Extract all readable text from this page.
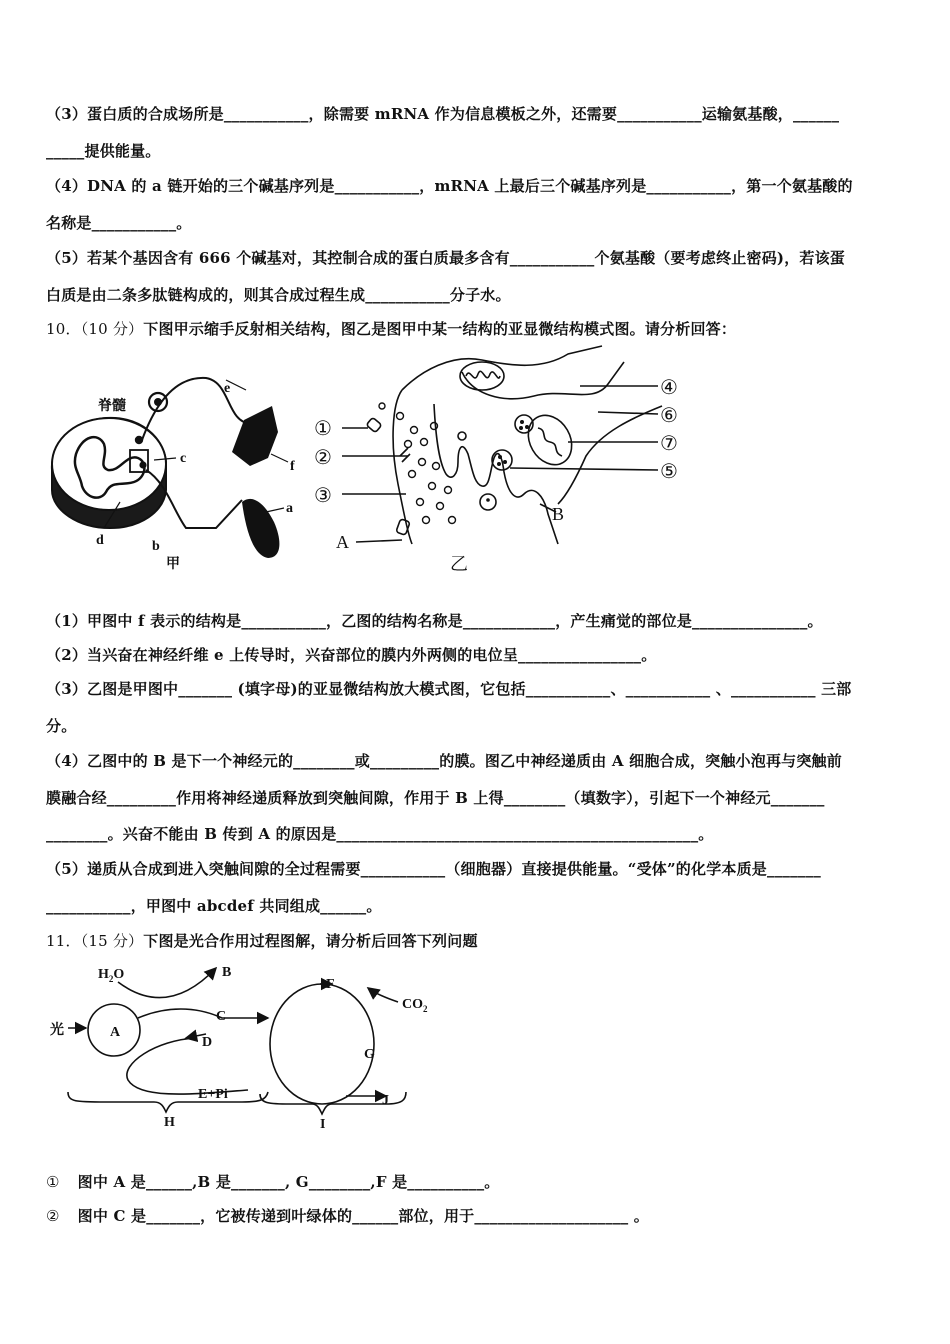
（3）蛋白质的合成场所是___________，除需要 mRNA 作为信息模板之外，还需要___________运输氨基酸，______
_____提供能量。
（4）DNA 的 a 链开始的三个碱基序列是___________，mRNA 上最后三个碱基序列是___________，第一个氨基酸的
名称是___________。
（5）若某个基因含有 666 个碱基对，其控制合成的蛋白质最多含有___________个氨基酸（要考虑终止密码)，若该蛋
白质是由二条多肽链构成的，则其合成过程生成___________分子水。
10．（10 分）下图甲示缩手反射相关结构，图乙是图甲中某一结构的亚显微结构模式图。请分析回答：
脊髓
a
b
c
d
e
f
甲
①
②
③
④
⑤
⑥
⑦
A
B
乙
（1）甲图中 f 表示的结构是___________，乙图的结构名称是____________，产生痛觉的部位是_______________。
（2）当兴奋在神经纤维 e 上传导时，兴奋部位的膜内外两侧的电位呈________________。
（3）乙图是甲图中_______ (填字母)的亚显微结构放大模式图，它包括___________、___________ 、___________ 三部
分。
（4）乙图中的 B 是下一个神经元的________或_________的膜。图乙中神经递质由 A 细胞合成，突触小泡再与突触前
膜融合经_________作用将神经递质释放到突触间隙，作用于 B 上得________（填数字），引起下一个神经元_______
________。兴奋不能由 B 传到 A 的原因是_______________________________________________。
（5）递质从合成到进入突触间隙的全过程需要___________（细胞器）直接提供能量。“受体”的化学本质是_______
___________，甲图中 abcdef 共同组成______。
11．（15 分）下图是光合作用过程图解，请分析后回答下列问题
$H_2O$	B
光	A
C
D
E+Pi
F
$CO_2$
G
J
H	I
① 图中 A 是______,B 是_______, G________,F 是__________。
② 图中 C 是_______，它被传递到叶绿体的______部位，用于____________________ 。
